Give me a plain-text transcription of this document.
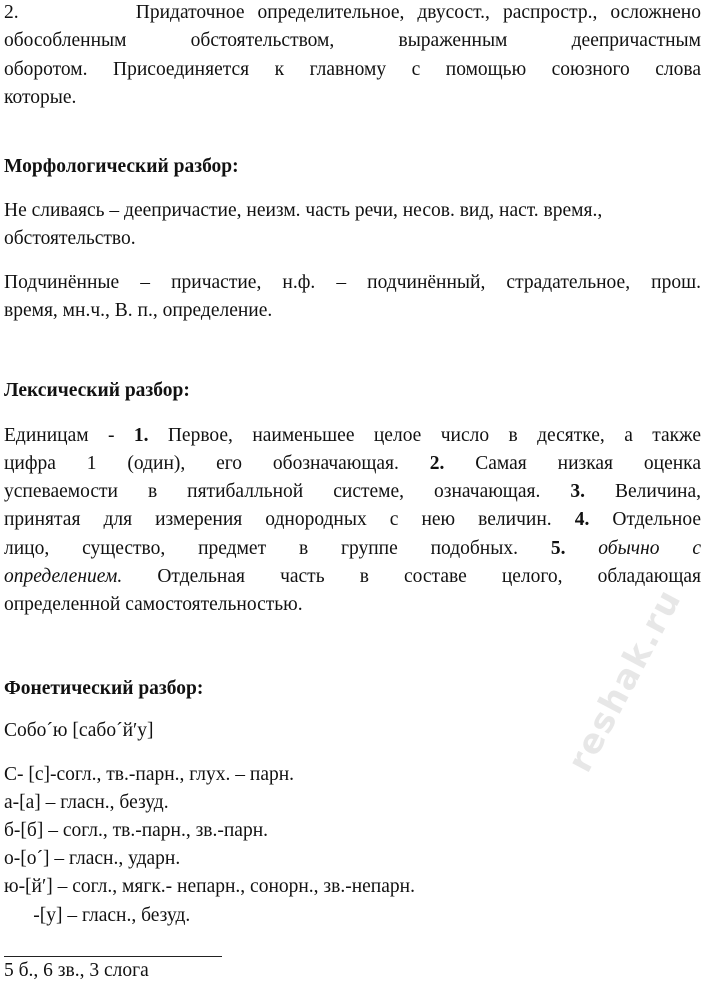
2.         Придаточное определительное, двусост., распростр., осложнено
обособленным обстоятельством, выраженным деепричастным
оборотом. Присоединяется к главному с помощью союзного слова
которые.
Морфологический разбор:
Не сливаясь – деепричастие, неизм. часть речи, несов. вид, наст. время.,
обстоятельство.
Подчинённые – причастие, н.ф. – подчинённый, страдательное, прош.
время, мн.ч., В. п., определение.
Лексический разбор:
Единицам - 1. Первое, наименьшее целое число в десятке, а также
цифра 1 (один), его обозначающая. 2. Самая низкая оценка
успеваемости в пятибалльной системе, означающая. 3. Величина,
принятая для измерения однородных с нею величин. 4. Отдельное
лицо, существо, предмет в группе подобных. 5. обычно с
определением. Отдельная часть в составе целого, обладающая
определенной самостоятельностью.
Фонетический разбор:
Собо´ю [сабо´й′у]
С- [с]-согл., тв.-парн., глух. – парн.
а-[а] – гласн., безуд.
б-[б] – согл., тв.-парн., зв.-парн.
о-[о´] – гласн., ударн.
ю-[й′] – согл., мягк.- непарн., сонорн., зв.-непарн.
-[у] – гласн., безуд.
5 б., 6 зв., 3 слога
reshak.ru
